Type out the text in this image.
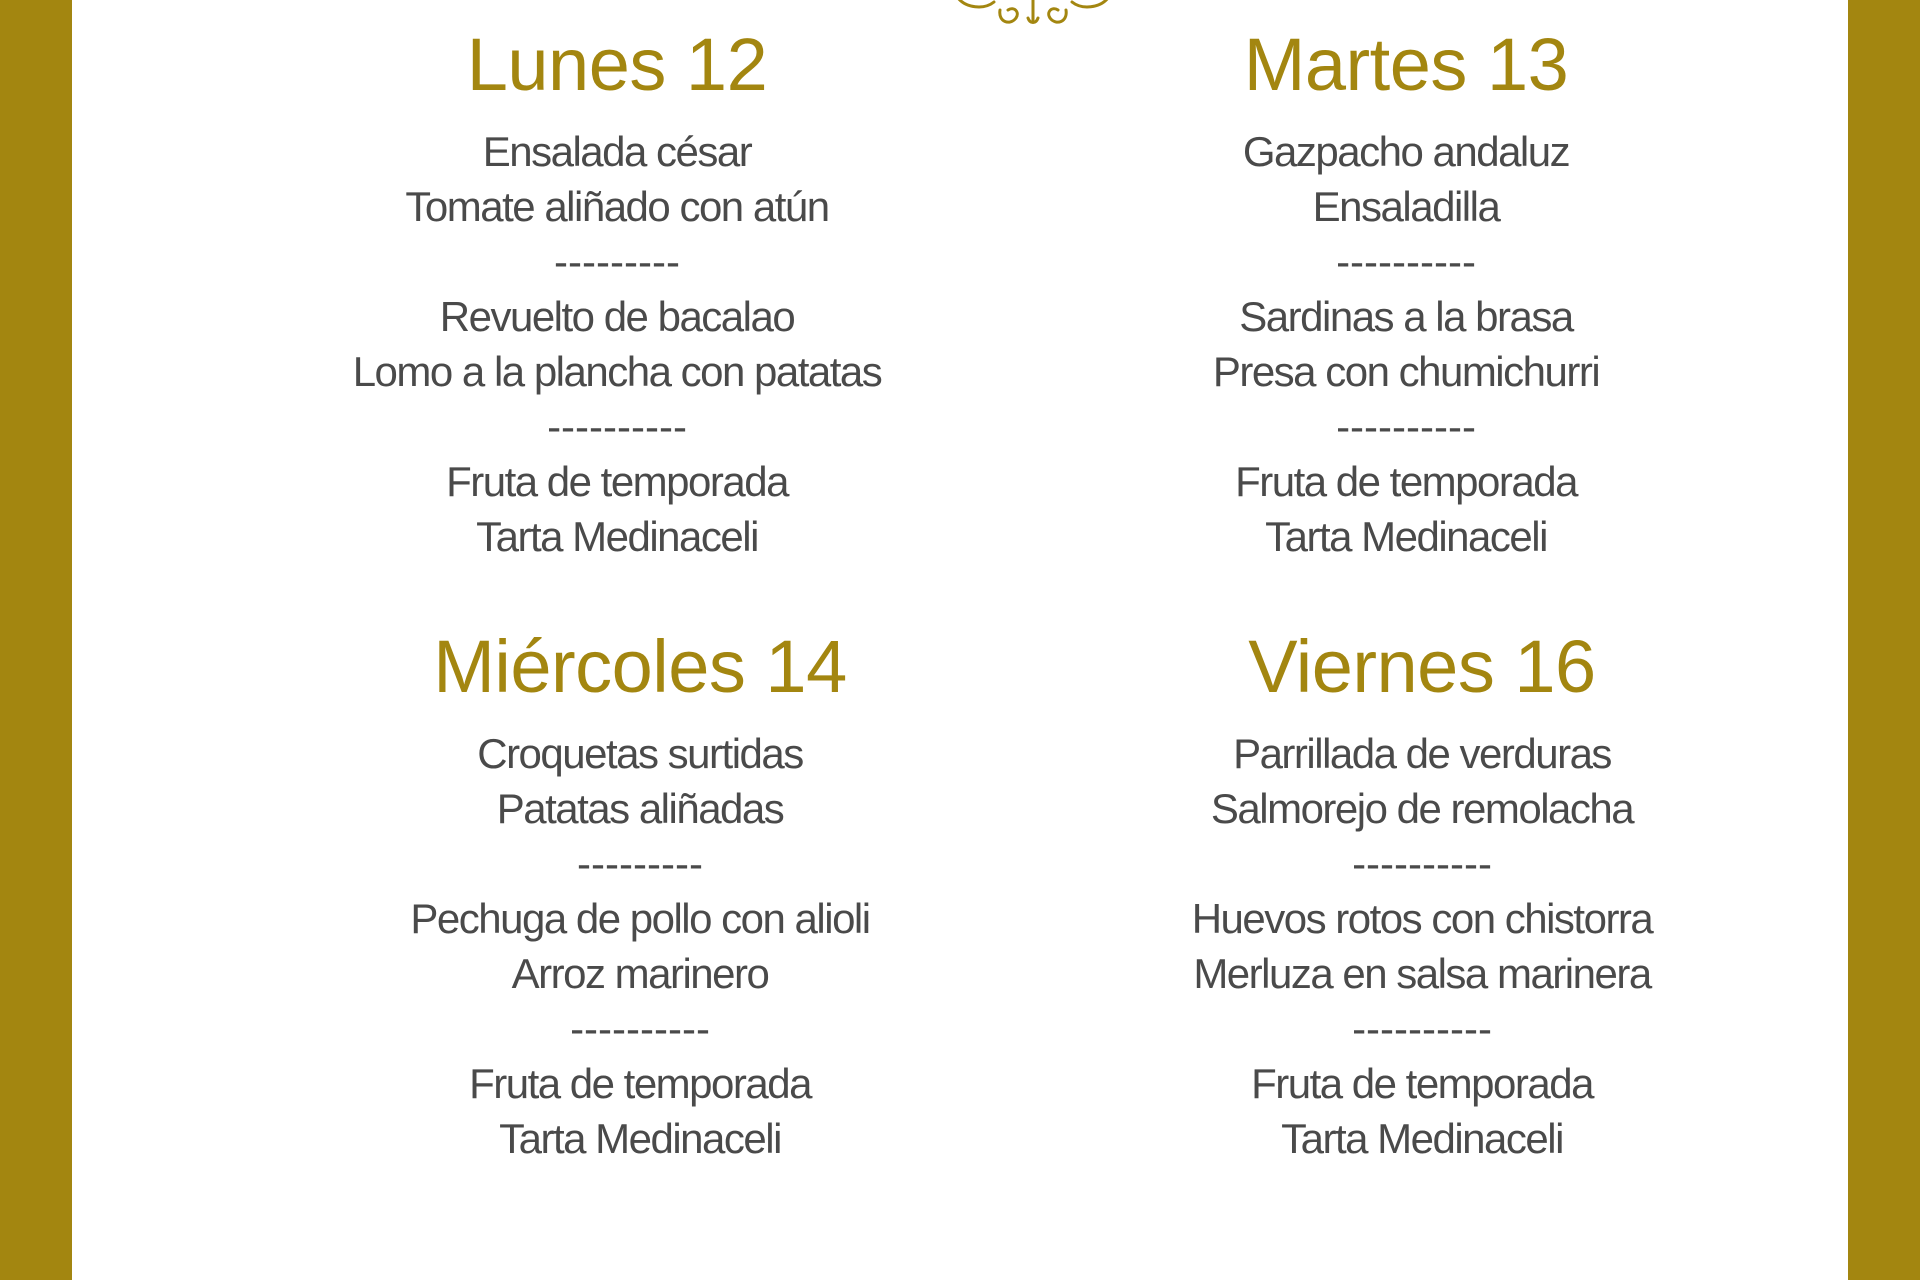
Lunes 12
Ensalada césar
Tomate aliñado con atún
---------
Revuelto de bacalao
Lomo a la plancha con patatas
----------
Fruta de temporada
Tarta Medinaceli
Martes 13
Gazpacho andaluz
Ensaladilla
----------
Sardinas a la brasa
Presa con chumichurri
----------
Fruta de temporada
Tarta Medinaceli
Miércoles 14
Croquetas surtidas
Patatas aliñadas
---------
Pechuga de pollo con alioli
Arroz marinero
----------
Fruta de temporada
Tarta Medinaceli
Viernes 16
Parrillada de verduras
Salmorejo de remolacha
----------
Huevos rotos con chistorra
Merluza en salsa marinera
----------
Fruta de temporada
Tarta Medinaceli
